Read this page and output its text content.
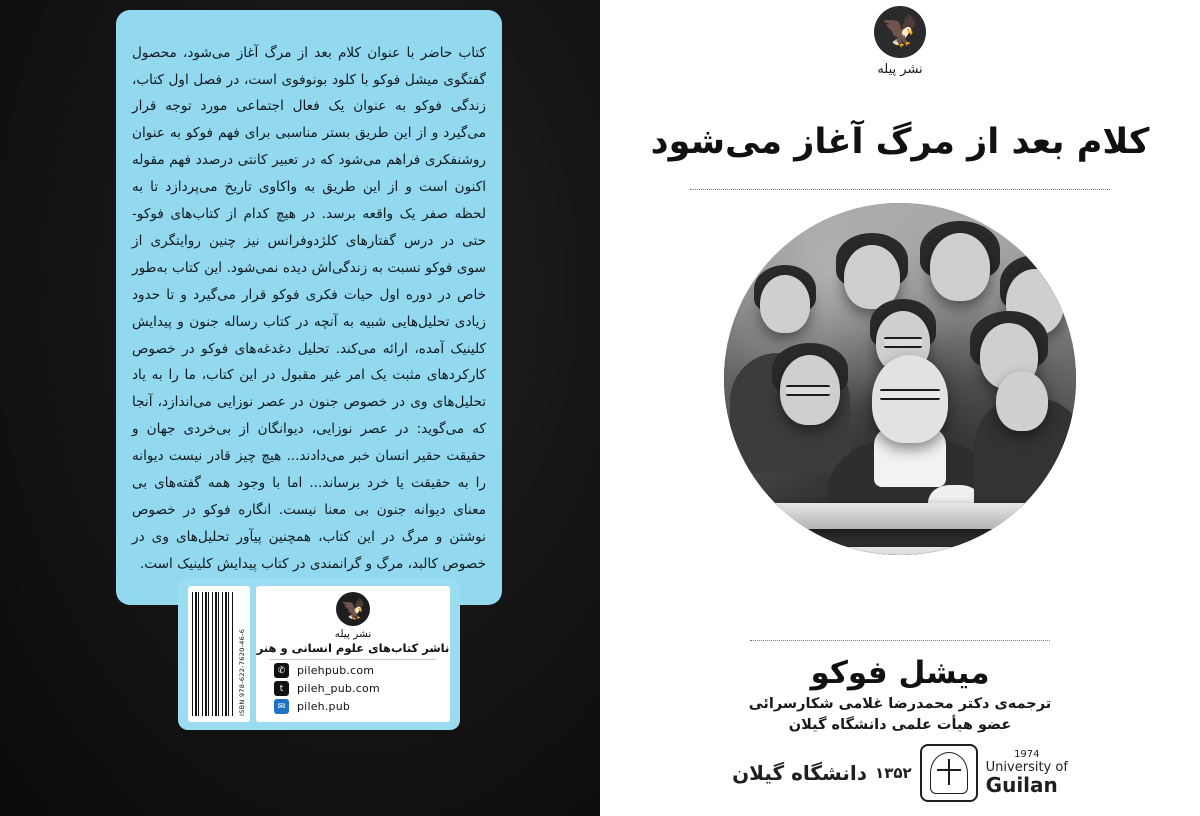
🦅
نشر پیله
کلام بعد از مرگ آغاز می‌شود
میشل فوکو
ترجمه‌ی دکتر محمدرضا غلامی شکارسرائی
عضو هیأت علمی دانشگاه گیلان
دانشگاه گیلان ۱۳۵۲
1974
University of
Guilan

کتاب حاضر با عنوان کلام بعد از مرگ آغاز می‌شود، محصول گفتگوی میشل فوکو با کلود بونوفوی است، در فصل اول کتاب، زندگی فوکو به عنوان یک فعال اجتماعی مورد توجه قرار می‌گیرد و از این طریق بستر مناسبی برای فهم فوکو به عنوان روشنفکری فراهم می‌شود که در تعبیر کانتی درصدد فهم مقوله اکنون است و از این طریق به واکاوی تاریخ می‌پردازد تا به لحظه صفر یک واقعه برسد. در هیچ کدام از کتاب‌های فوکو-حتی در درس گفتارهای کلژدوفرانس نیز چنین روایتگری از سوی فوکو نسبت به زندگی‌اش دیده نمی‌شود. این کتاب به‌طور خاص در دوره اول حیات فکری فوکو قرار می‌گیرد و تا حدود زیادی تحلیل‌هایی شبیه به آنچه در کتاب رساله جنون و پیدایش کلینیک آمده، ارائه می‌کند. تحلیل دغدغه‌های فوکو در خصوص کارکردهای مثبت یک امر غیر مقبول در این کتاب، ما را به یاد تحلیل‌های وی در خصوص جنون در عصر نوزایی می‌اندازد، آنجا که می‌گوید: در عصر نوزایی، دیوانگان از بی‌خردی جهان و حقیقت حقیر انسان خبر می‌دادند... هیچ چیز قادر نیست دیوانه را به حقیقت یا خرد برساند... اما با وجود همه گفته‌های بی معنای دیوانه جنون بی معنا نیست. انگاره فوکو در خصوص نوشتن و مرگ در این کتاب، همچنین پیآور تحلیل‌های وی در خصوص کالبد، مرگ و گرانمندی در کتاب پیدایش کلینیک است.

🦅
نشر پیله
ناشر کتاب‌های علوم انسانی و هنر
✆	pilehpub.com
t	pileh_pub.com
✉	pileh.pub
ISBN 978-622-7620-46-6
